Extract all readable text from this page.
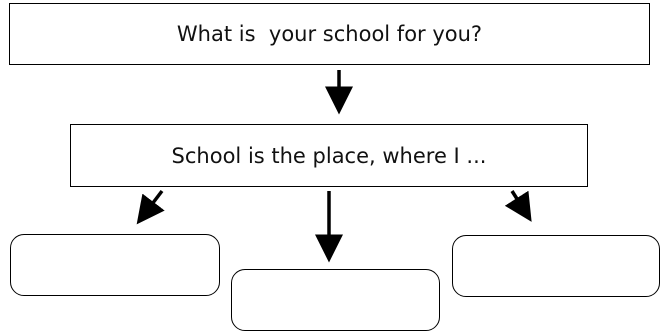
What is  your school for you?
School is the place, where I ...
